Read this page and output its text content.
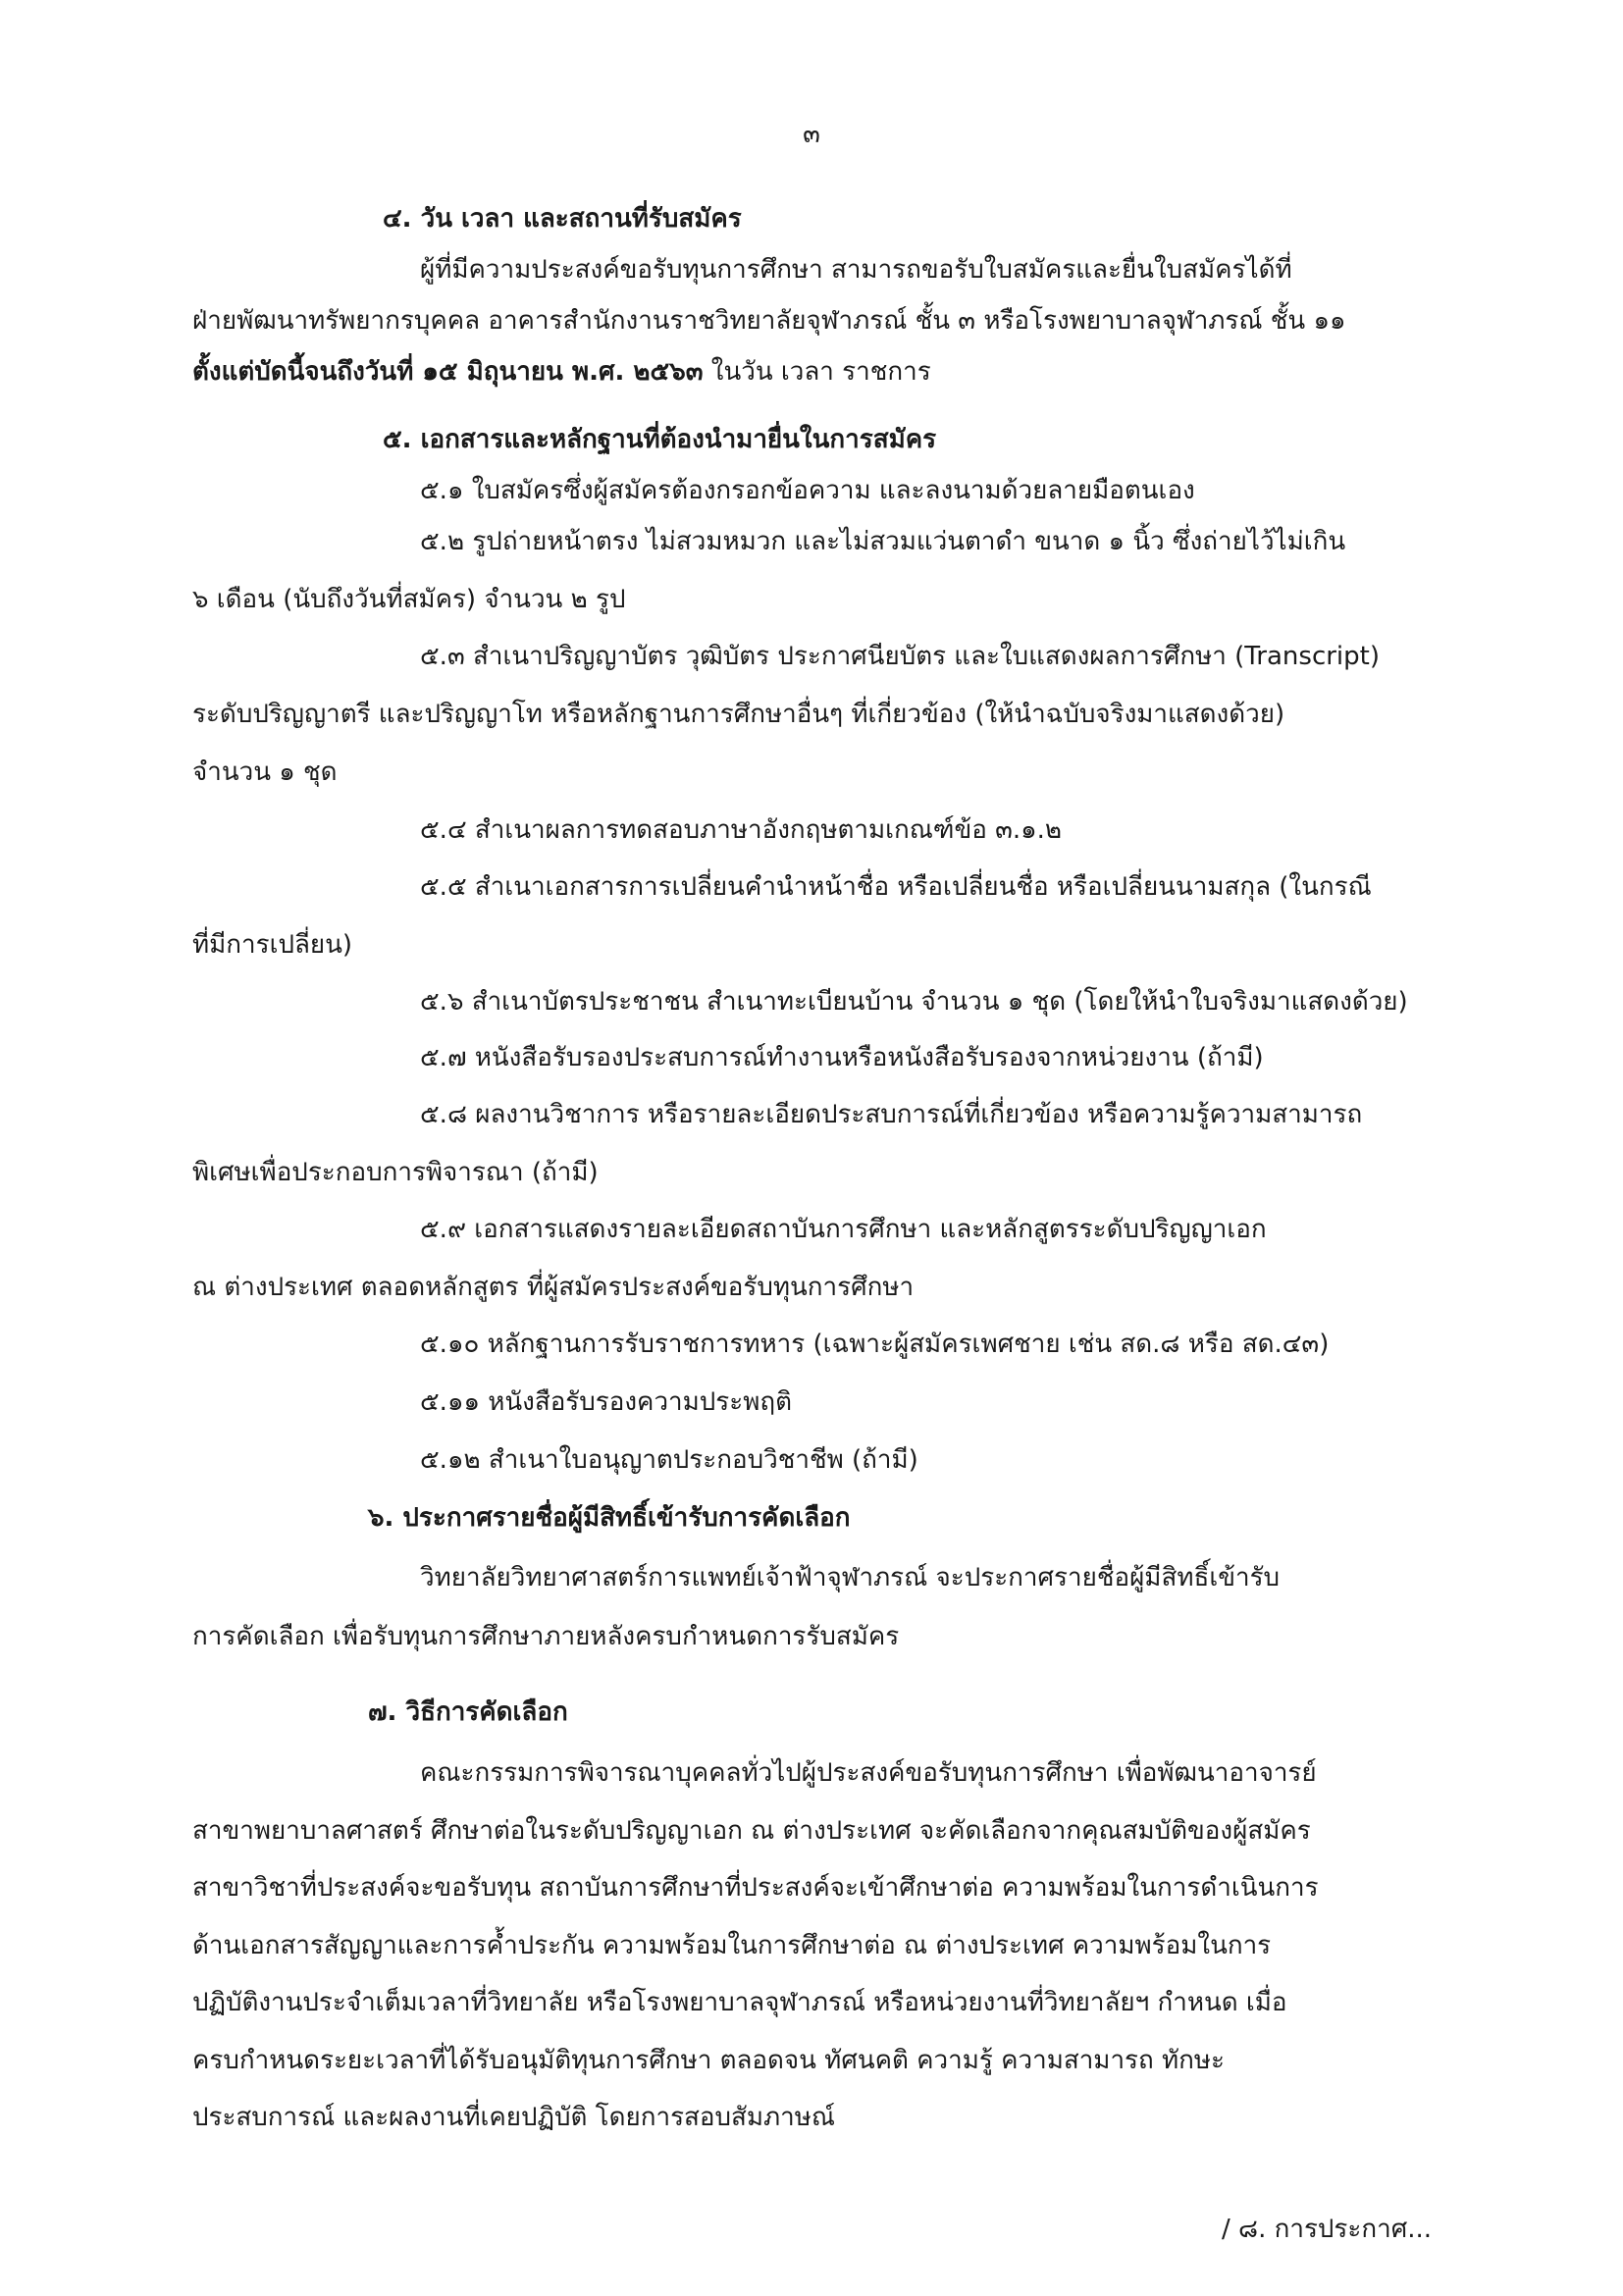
๓
๔. วัน เวลา และสถานที่รับสมัคร
ผู้ที่มีความประสงค์ขอรับทุนการศึกษา สามารถขอรับใบสมัครและยื่นใบสมัครได้ที่
ฝ่ายพัฒนาทรัพยากรบุคคล อาคารสำนักงานราชวิทยาลัยจุฬาภรณ์ ชั้น ๓ หรือโรงพยาบาลจุฬาภรณ์ ชั้น ๑๑
ตั้งแต่บัดนี้จนถึงวันที่ ๑๕ มิถุนายน พ.ศ. ๒๕๖๓ ในวัน เวลา ราชการ
๕. เอกสารและหลักฐานที่ต้องนำมายื่นในการสมัคร
๕.๑ ใบสมัครซึ่งผู้สมัครต้องกรอกข้อความ และลงนามด้วยลายมือตนเอง
๕.๒ รูปถ่ายหน้าตรง ไม่สวมหมวก และไม่สวมแว่นตาดำ ขนาด ๑ นิ้ว ซึ่งถ่ายไว้ไม่เกิน
๖ เดือน (นับถึงวันที่สมัคร) จำนวน ๒ รูป
๕.๓ สำเนาปริญญาบัตร วุฒิบัตร ประกาศนียบัตร และใบแสดงผลการศึกษา (Transcript)
ระดับปริญญาตรี และปริญญาโท หรือหลักฐานการศึกษาอื่นๆ ที่เกี่ยวข้อง (ให้นำฉบับจริงมาแสดงด้วย)
จำนวน ๑ ชุด
๕.๔ สำเนาผลการทดสอบภาษาอังกฤษตามเกณฑ์ข้อ ๓.๑.๒
๕.๕ สำเนาเอกสารการเปลี่ยนคำนำหน้าชื่อ หรือเปลี่ยนชื่อ หรือเปลี่ยนนามสกุล (ในกรณี
ที่มีการเปลี่ยน)
๕.๖ สำเนาบัตรประชาชน สำเนาทะเบียนบ้าน จำนวน ๑ ชุด (โดยให้นำใบจริงมาแสดงด้วย)
๕.๗ หนังสือรับรองประสบการณ์ทำงานหรือหนังสือรับรองจากหน่วยงาน (ถ้ามี)
๕.๘ ผลงานวิชาการ หรือรายละเอียดประสบการณ์ที่เกี่ยวข้อง หรือความรู้ความสามารถ
พิเศษเพื่อประกอบการพิจารณา (ถ้ามี)
๕.๙ เอกสารแสดงรายละเอียดสถาบันการศึกษา และหลักสูตรระดับปริญญาเอก
ณ ต่างประเทศ ตลอดหลักสูตร ที่ผู้สมัครประสงค์ขอรับทุนการศึกษา
๕.๑๐ หลักฐานการรับราชการทหาร (เฉพาะผู้สมัครเพศชาย เช่น สด.๘ หรือ สด.๔๓)
๕.๑๑ หนังสือรับรองความประพฤติ
๕.๑๒ สำเนาใบอนุญาตประกอบวิชาชีพ (ถ้ามี)
๖. ประกาศรายชื่อผู้มีสิทธิ์เข้ารับการคัดเลือก
วิทยาลัยวิทยาศาสตร์การแพทย์เจ้าฟ้าจุฬาภรณ์ จะประกาศรายชื่อผู้มีสิทธิ์เข้ารับ
การคัดเลือก เพื่อรับทุนการศึกษาภายหลังครบกำหนดการรับสมัคร
๗. วิธีการคัดเลือก
คณะกรรมการพิจารณาบุคคลทั่วไปผู้ประสงค์ขอรับทุนการศึกษา เพื่อพัฒนาอาจารย์
สาขาพยาบาลศาสตร์ ศึกษาต่อในระดับปริญญาเอก ณ ต่างประเทศ จะคัดเลือกจากคุณสมบัติของผู้สมัคร
สาขาวิชาที่ประสงค์จะขอรับทุน สถาบันการศึกษาที่ประสงค์จะเข้าศึกษาต่อ ความพร้อมในการดำเนินการ
ด้านเอกสารสัญญาและการค้ำประกัน ความพร้อมในการศึกษาต่อ ณ ต่างประเทศ ความพร้อมในการ
ปฏิบัติงานประจำเต็มเวลาที่วิทยาลัย หรือโรงพยาบาลจุฬาภรณ์ หรือหน่วยงานที่วิทยาลัยฯ กำหนด เมื่อ
ครบกำหนดระยะเวลาที่ได้รับอนุมัติทุนการศึกษา ตลอดจน ทัศนคติ ความรู้ ความสามารถ ทักษะ
ประสบการณ์ และผลงานที่เคยปฏิบัติ โดยการสอบสัมภาษณ์
/ ๘. การประกาศ...
